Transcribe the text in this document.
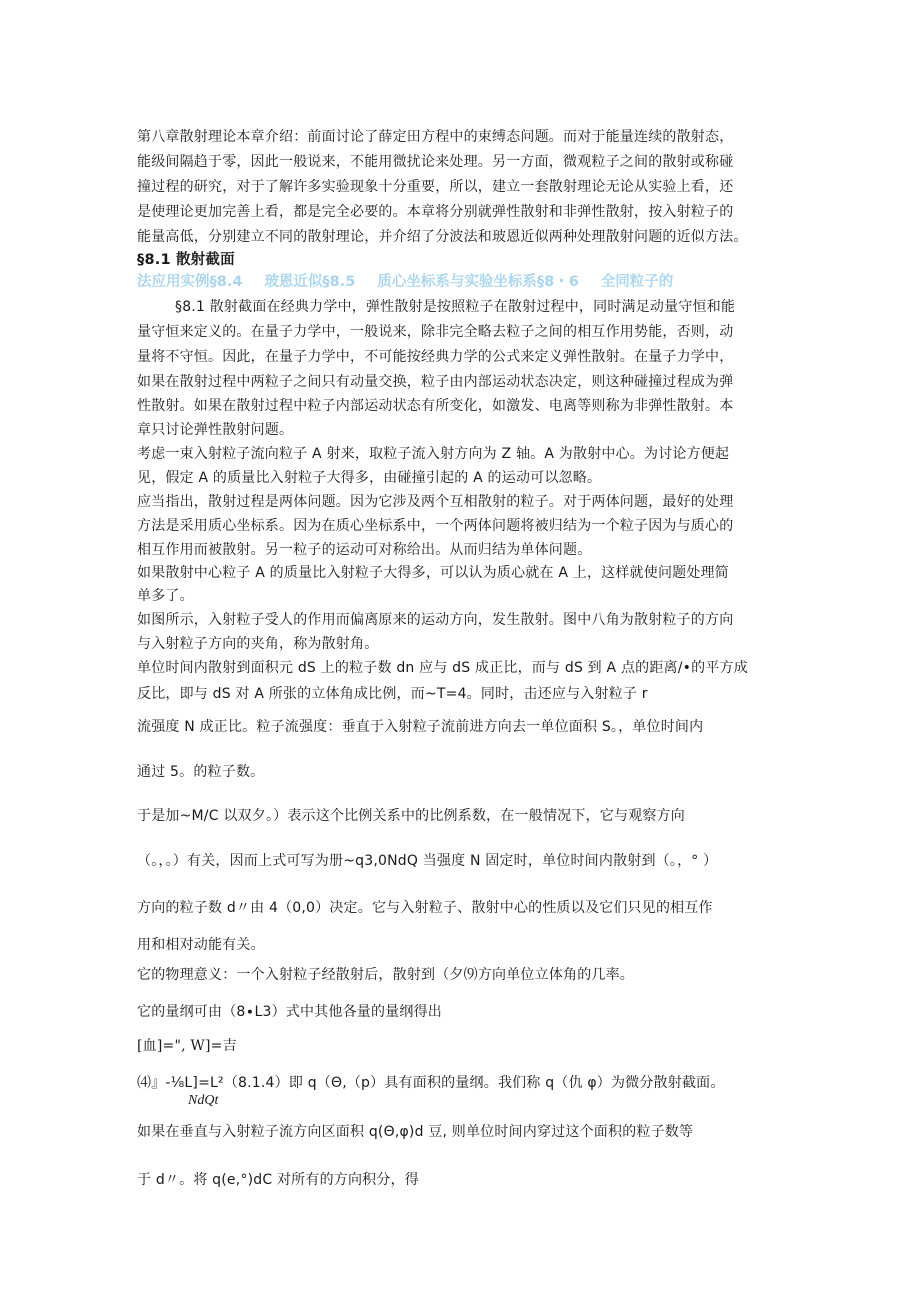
第八章散射理论本章介绍：前面讨论了薛定田方程中的束缚态问题。而对于能量连续的散射态，
能级间隔趋于零，因此一般说来，不能用微扰论来处理。另一方面，微观粒子之间的散射或称碰
撞过程的研究，对于了解许多实验现象十分重要，所以，建立一套散射理论无论从实验上看，还
是使理论更加完善上看，都是完全必要的。本章将分别就弹性散射和非弹性散射，按入射粒子的
能量高低，分别建立不同的散射理论，并介绍了分波法和玻恩近似两种处理散射问题的近似方法。
§8.1 散射截面
法应用实例§8.4 玻恩近似§8.5 质心坐标系与实验坐标系§8・6 全同粒子的
§8.1 散射截面在经典力学中，弹性散射是按照粒子在散射过程中，同时满足动量守恒和能
量守恒来定义的。在量子力学中，一般说来，除非完全略去粒子之间的相互作用势能，否则，动
量将不守恒。因此，在量子力学中，不可能按经典力学的公式来定义弹性散射。在量子力学中，
如果在散射过程中两粒子之间只有动量交换，粒子由内部运动状态决定，则这种碰撞过程成为弹
性散射。如果在散射过程中粒子内部运动状态有所变化，如激发、电离等则称为非弹性散射。本
章只讨论弹性散射问题。
考虑一束入射粒子流向粒子 A 射来，取粒子流入射方向为 Z 轴。A 为散射中心。为讨论方便起
见，假定 A 的质量比入射粒子大得多，由碰撞引起的 A 的运动可以忽略。
应当指出，散射过程是两体问题。因为它涉及两个互相散射的粒子。对于两体问题，最好的处理
方法是采用质心坐标系。因为在质心坐标系中，一个两体问题将被归结为一个粒子因为与质心的
相互作用而被散射。另一粒子的运动可对称给出。从而归结为单体问题。
如果散射中心粒子 A 的质量比入射粒子大得多，可以认为质心就在 A 上，这样就使问题处理简
单多了。
如图所示，入射粒子受人的作用而偏离原来的运动方向，发生散射。图中八角为散射粒子的方向
与入射粒子方向的夹角，称为散射角。
单位时间内散射到面积元 dS 上的粒子数 dn 应与 dS 成正比，而与 dS 到 A 点的距离/•的平方成
反比，即与 dS 对 A 所张的立体角成比例，而~T=4。同时，击还应与入射粒子 r
流强度 N 成正比。粒子流强度：垂直于入射粒子流前进方向去一单位面积 S。，单位时间内
通过 5。的粒子数。
于是加~M/C 以双夕。）表示这个比例关系中的比例系数，在一般情况下，它与观察方向
（。，。）有关，因而上式可写为册~q3,0NdQ 当强度 N 固定时，单位时间内散射到（。，° ）
方向的粒子数 d〃由 4（0,0）决定。它与入射粒子、散射中心的性质以及它们只见的相互作
用和相对动能有关。
它的物理意义：一个入射粒子经散射后，散射到（夕⑼方向单位立体角的几率。
它的量纲可由（8∙L3）式中其他各量的量纲得出
[血]=", W]=吉
⑷』-⅛L]=L²（8.1.4）即 q（Θ,（p）具有面积的量纲。我们称 q（仇 φ）为微分散射截面。
NdQt
如果在垂直与入射粒子流方向区面积 q(Θ,φ)d 豆, 则单位时间内穿过这个面积的粒子数等
于 d〃。将 q(e,°)dC 对所有的方向积分，得
